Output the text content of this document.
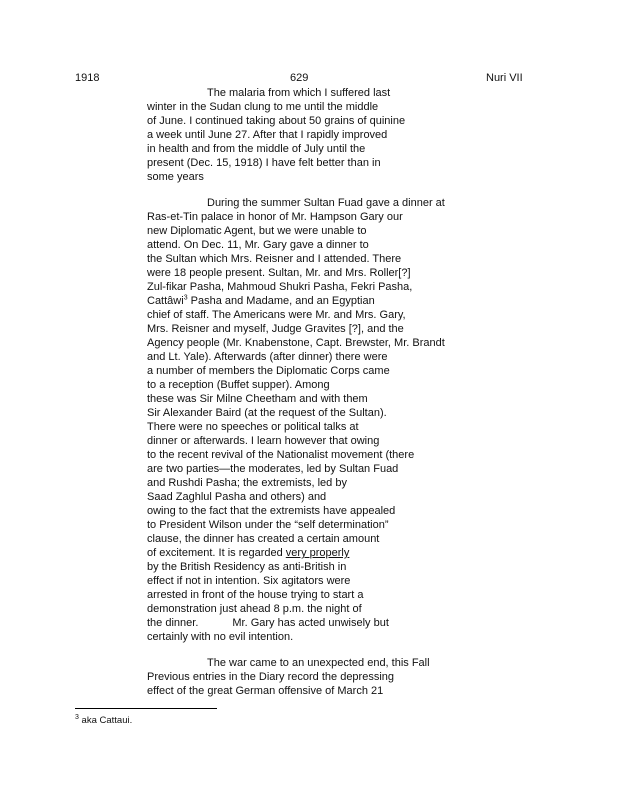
1918	629	Nuri VII
The malaria from which I suffered last
winter in the Sudan clung to me until the middle
of June. I continued taking about 50 grains of quinine
a week until June 27. After that I rapidly improved
in health and from the middle of July until the
present (Dec. 15, 1918) I have felt better than in
some years
During the summer Sultan Fuad gave a dinner at
Ras-et-Tin palace in honor of Mr. Hampson Gary our
new Diplomatic Agent, but we were unable to
attend. On Dec. 11, Mr. Gary gave a dinner to
the Sultan which Mrs. Reisner and I attended. There
were 18 people present. Sultan, Mr. and Mrs. Roller[?]
Zul-fikar Pasha, Mahmoud Shukri Pasha, Fekri Pasha,
Cattâwi$^3$ Pasha and Madame, and an Egyptian
chief of staff. The Americans were Mr. and Mrs. Gary,
Mrs. Reisner and myself, Judge Gravites [?], and the
Agency people (Mr. Knabenstone, Capt. Brewster, Mr. Brandt
and Lt. Yale). Afterwards (after dinner) there were
a number of members the Diplomatic Corps came
to a reception (Buffet supper). Among
these was Sir Milne Cheetham and with them
Sir Alexander Baird (at the request of the Sultan).
There were no speeches or political talks at
dinner or afterwards. I learn however that owing
to the recent revival of the Nationalist movement (there
are two parties—the moderates, led by Sultan Fuad
and Rushdi Pasha; the extremists, led by
Saad Zaghlul Pasha and others) and
owing to the fact that the extremists have appealed
to President Wilson under the “self determination”
clause, the dinner has created a certain amount
of excitement. It is regarded very properly
by the British Residency as anti-British in
effect if not in intention. Six agitators were
arrested in front of the house trying to start a
demonstration just ahead 8 p.m. the night of
the dinner.	Mr. Gary has acted unwisely but
certainly with no evil intention.
The war came to an unexpected end, this Fall
Previous entries in the Diary record the depressing
effect of the great German offensive of March 21
$^3$ aka Cattaui.
